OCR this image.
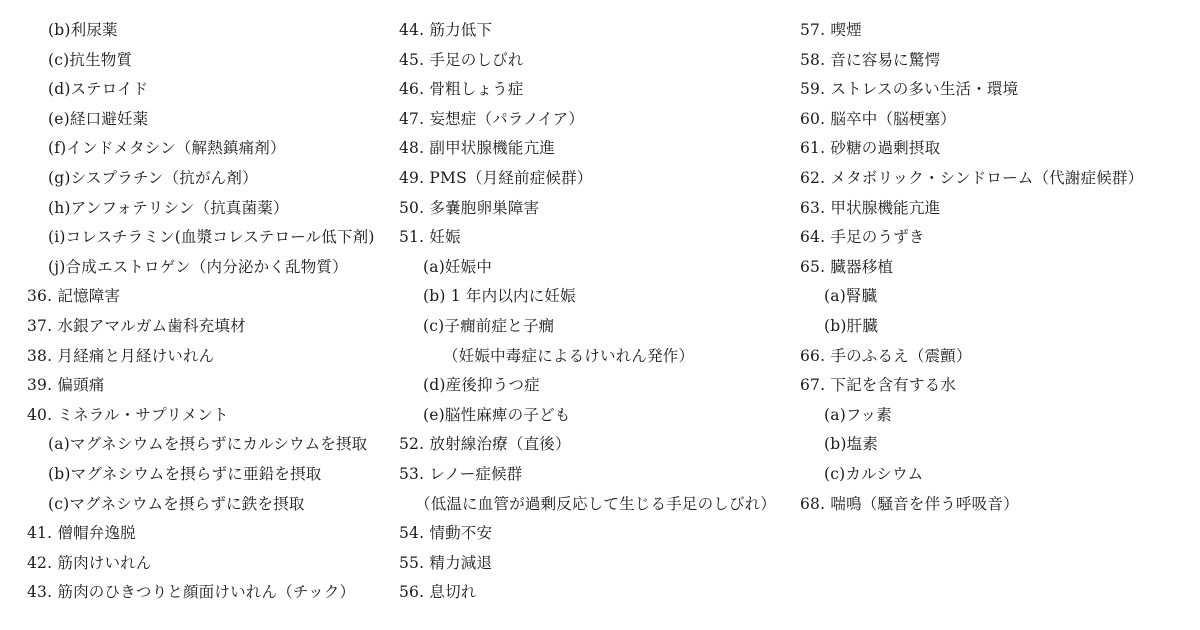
(b)利尿薬
(c)抗生物質
(d)ステロイド
(e)経口避妊薬
(f)インドメタシン（解熱鎮痛剤）
(g)シスプラチン（抗がん剤）
(h)アンフォテリシン（抗真菌薬）
(i)コレスチラミン(血漿コレステロール低下剤)
(j)合成エストロゲン（内分泌かく乱物質）
36. 記憶障害
37. 水銀アマルガム歯科充填材
38. 月経痛と月経けいれん
39. 偏頭痛
40. ミネラル・サプリメント
(a)マグネシウムを摂らずにカルシウムを摂取
(b)マグネシウムを摂らずに亜鉛を摂取
(c)マグネシウムを摂らずに鉄を摂取
41. 僧帽弁逸脱
42. 筋肉けいれん
43. 筋肉のひきつりと顔面けいれん（チック）
44. 筋力低下
45. 手足のしびれ
46. 骨粗しょう症
47. 妄想症（パラノイア）
48. 副甲状腺機能亢進
49. PMS（月経前症候群）
50. 多嚢胞卵巣障害
51. 妊娠
(a)妊娠中
(b) 1 年内以内に妊娠
(c)子癇前症と子癇
（妊娠中毒症によるけいれん発作）
(d)産後抑うつ症
(e)脳性麻痺の子ども
52. 放射線治療（直後）
53. レノー症候群
（低温に血管が過剰反応して生じる手足のしびれ）
54. 情動不安
55. 精力減退
56. 息切れ
57. 喫煙
58. 音に容易に驚愕
59. ストレスの多い生活・環境
60. 脳卒中（脳梗塞）
61. 砂糖の過剰摂取
62. メタボリック・シンドローム（代謝症候群）
63. 甲状腺機能亢進
64. 手足のうずき
65. 臓器移植
(a)腎臓
(b)肝臓
66. 手のふるえ（震顫）
67. 下記を含有する水
(a)フッ素
(b)塩素
(c)カルシウム
68. 喘鳴（騒音を伴う呼吸音）
